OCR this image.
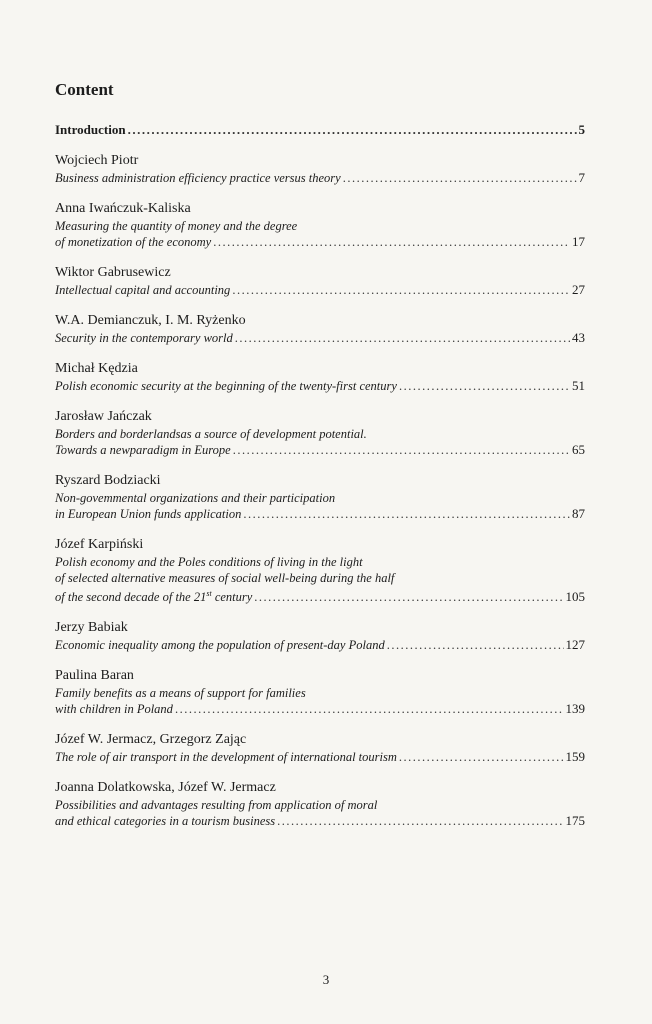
Content
Introduction .....	5
Wojciech Piotr
Business administration efficiency practice versus theory .....	7
Anna Iwańczuk-Kaliska
Measuring the quantity of money and the degree
of monetization of the economy .....	17
Wiktor Gabrusewicz
Intellectual capital and accounting .....	27
W.A. Demianczuk, I. M. Ryżenko
Security in the contemporary world .....	43
Michał Kędzia
Polish economic security at the beginning of the twenty-first century .....	51
Jarosław Jańczak
Borders and borderlandsas a source of development potential.
Towards a newparadigm in Europe .....	65
Ryszard Bodziacki
Non-govemmental organizations and their participation
in European Union funds application .....	87
Józef Karpiński
Polish economy and the Poles conditions of living in the light
of selected alternative measures of social well-being during the half
of the second decade of the 21st century .....	105
Jerzy Babiak
Economic inequality among the population of present-day Poland .....	127
Paulina Baran
Family benefits as a means of support for families
with children in Poland .....	139
Józef W. Jermacz, Grzegorz Zając
The role of air transport in the development of international tourism .....	159
Joanna Dolatkowska, Józef W. Jermacz
Possibilities and advantages resulting from application of moral
and ethical categories in a tourism business .....	175
3
